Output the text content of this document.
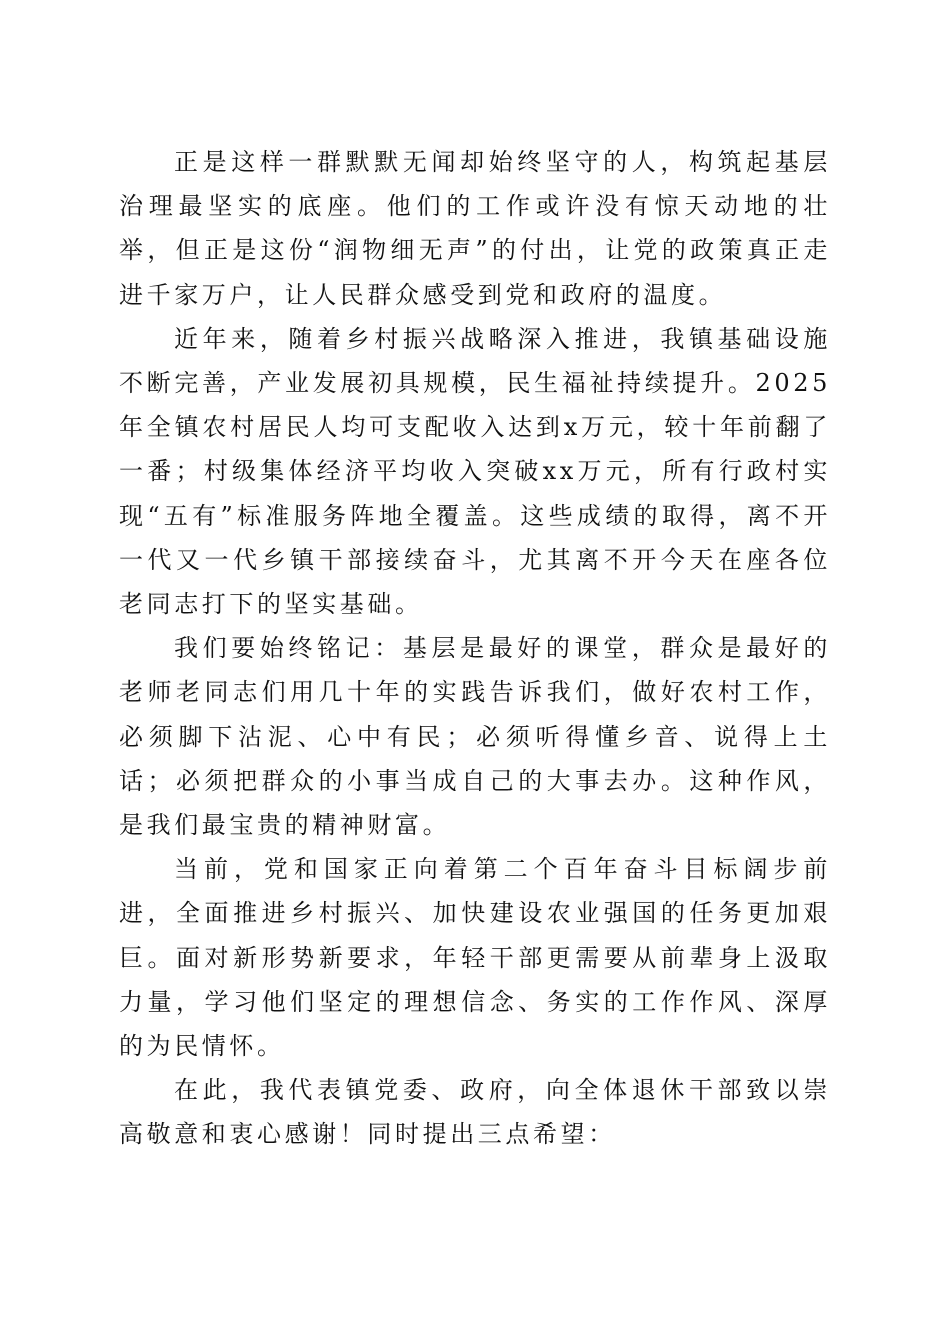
正是这样一群默默无闻却始终坚守的人，构筑起基层治理最坚实的底座。他们的工作或许没有惊天动地的壮举，但正是这份“润物细无声”的付出，让党的政策真正走进千家万户，让人民群众感受到党和政府的温度。

近年来，随着乡村振兴战略深入推进，我镇基础设施不断完善，产业发展初具规模，民生福祉持续提升。2025年全镇农村居民人均可支配收入达到x万元，较十年前翻了一番；村级集体经济平均收入突破xx万元，所有行政村实现“五有”标准服务阵地全覆盖。这些成绩的取得，离不开一代又一代乡镇干部接续奋斗，尤其离不开今天在座各位老同志打下的坚实基础。

我们要始终铭记：基层是最好的课堂，群众是最好的老师老同志们用几十年的实践告诉我们，做好农村工作，必须脚下沾泥、心中有民；必须听得懂乡音、说得上土话；必须把群众的小事当成自己的大事去办。这种作风，是我们最宝贵的精神财富。

当前，党和国家正向着第二个百年奋斗目标阔步前进，全面推进乡村振兴、加快建设农业强国的任务更加艰巨。面对新形势新要求，年轻干部更需要从前辈身上汲取力量，学习他们坚定的理想信念、务实的工作作风、深厚的为民情怀。

在此，我代表镇党委、政府，向全体退休干部致以崇高敬意和衷心感谢！同时提出三点希望：
